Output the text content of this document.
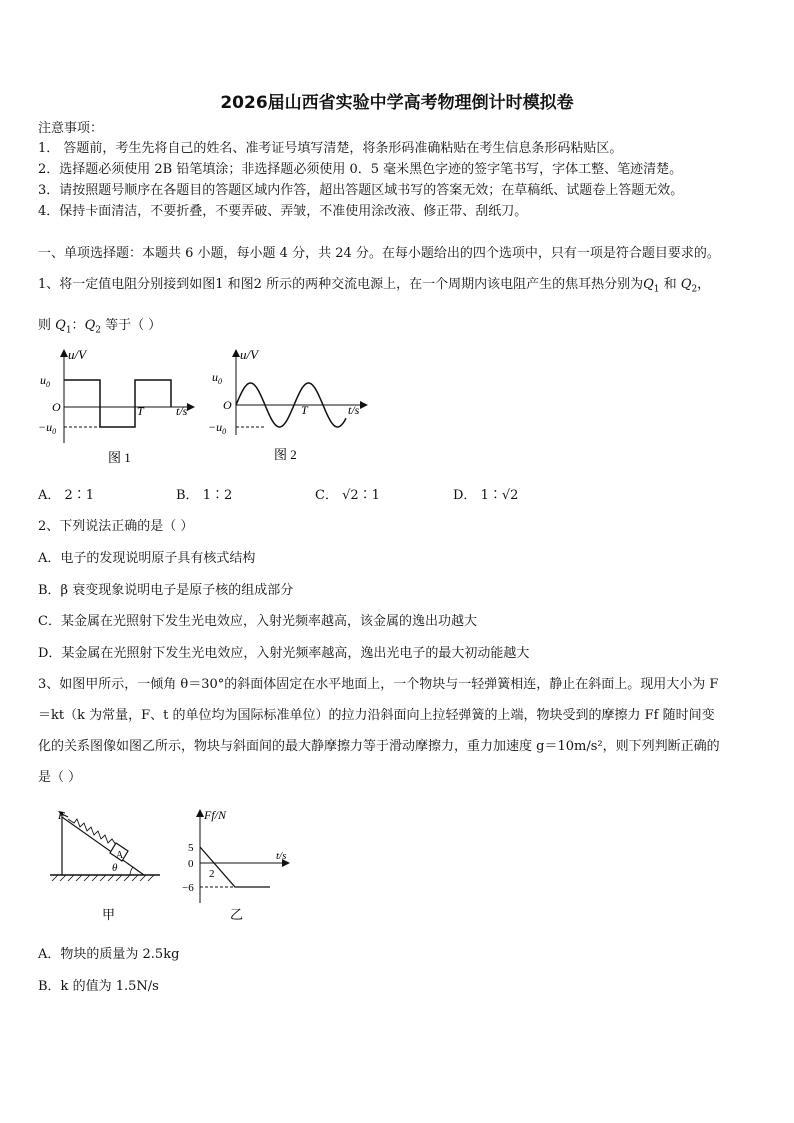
2026届山西省实验中学高考物理倒计时模拟卷
注意事项：
1． 答题前，考生先将自己的姓名、准考证号填写清楚，将条形码准确粘贴在考生信息条形码粘贴区。
2．选择题必须使用 2B 铅笔填涂；非选择题必须使用 0．5 毫米黑色字迹的签字笔书写，字体工整、笔迹清楚。
3．请按照题号顺序在各题目的答题区域内作答，超出答题区域书写的答案无效；在草稿纸、试题卷上答题无效。
4．保持卡面清洁，不要折叠，不要弄破、弄皱，不准使用涂改液、修正带、刮纸刀。
一、单项选择题：本题共 6 小题，每小题 4 分，共 24 分。在每小题给出的四个选项中，只有一项是符合题目要求的。
1、将一定值电阻分别接到如图1 和图2 所示的两种交流电源上，在一个周期内该电阻产生的焦耳热分别为$Q_1$ 和 $Q_2$，
则 $Q_1$：$Q_2$ 等于（ ）
u/V
$u_0$
O
$-u_0$
T	t/s
图 1
u/V
$u_0$
O
$-u_0$
T	t/s
图 2
A． 2∶1	B． 1∶2	C． √2∶1	D． 1∶√2
2、下列说法正确的是（ ）
A．电子的发现说明原子具有核式结构
B．β 衰变现象说明电子是原子核的组成部分
C．某金属在光照射下发生光电效应，入射光频率越高，该金属的逸出功越大
D．某金属在光照射下发生光电效应，入射光频率越高，逸出光电子的最大初动能越大
3、如图甲所示，一倾角 θ＝30°的斜面体固定在水平地面上，一个物块与一轻弹簧相连，静止在斜面上。现用大小为 F
＝kt（k 为常量，F、t 的单位均为国际标准单位）的拉力沿斜面向上拉轻弹簧的上端，物块受到的摩擦力 Ff 随时间变
化的关系图像如图乙所示，物块与斜面间的最大静摩擦力等于滑动摩擦力，重力加速度 g＝10m/s²，则下列判断正确的
是（ ）
A
F
θ
甲
Ff/N
t/s
5
0
−6
2
乙
A．物块的质量为 2.5kg
B．k 的值为 1.5N/s
